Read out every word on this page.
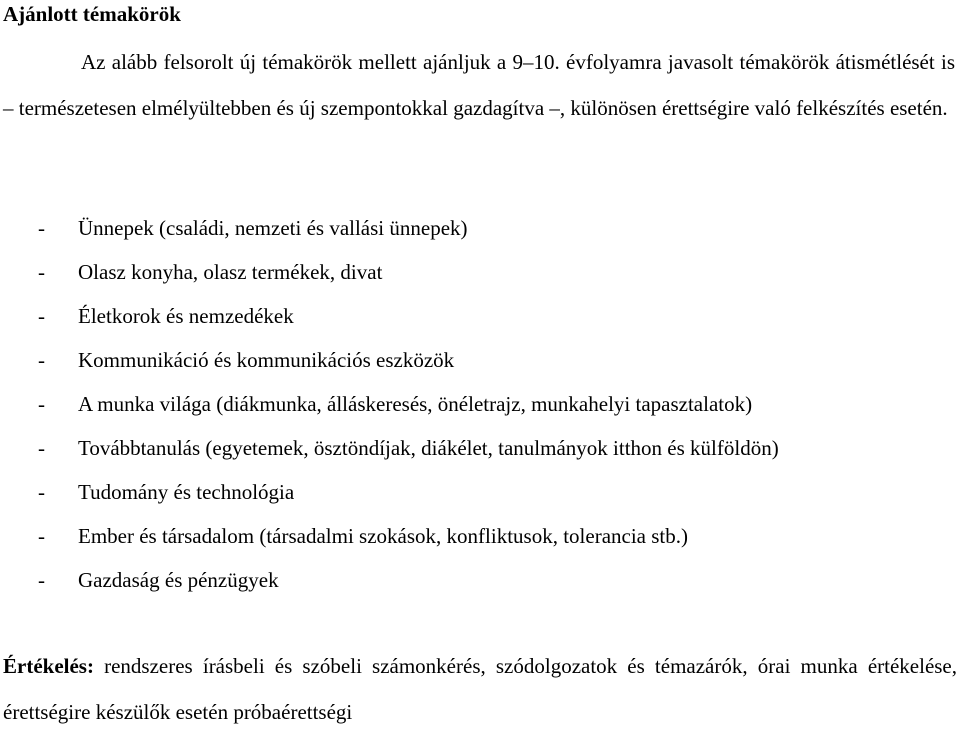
Ajánlott témakörök

Az alább felsorolt új témakörök mellett ajánljuk a 9–10. évfolyamra javasolt témakörök átismétlését is – természetesen elmélyültebben és új szempontokkal gazdagítva –, különösen érettségire való felkészítés esetén.

- Ünnepek (családi, nemzeti és vallási ünnepek)
- Olasz konyha, olasz termékek, divat
- Életkorok és nemzedékek
- Kommunikáció és kommunikációs eszközök
- A munka világa (diákmunka, álláskeresés, önéletrajz, munkahelyi tapasztalatok)
- Továbbtanulás (egyetemek, ösztöndíjak, diákélet, tanulmányok itthon és külföldön)
- Tudomány és technológia
- Ember és társadalom (társadalmi szokások, konfliktusok, tolerancia stb.)
- Gazdaság és pénzügyek

Értékelés: rendszeres írásbeli és szóbeli számonkérés, szódolgozatok és témazárók, órai munka értékelése, érettségire készülők esetén próbaérettségi
